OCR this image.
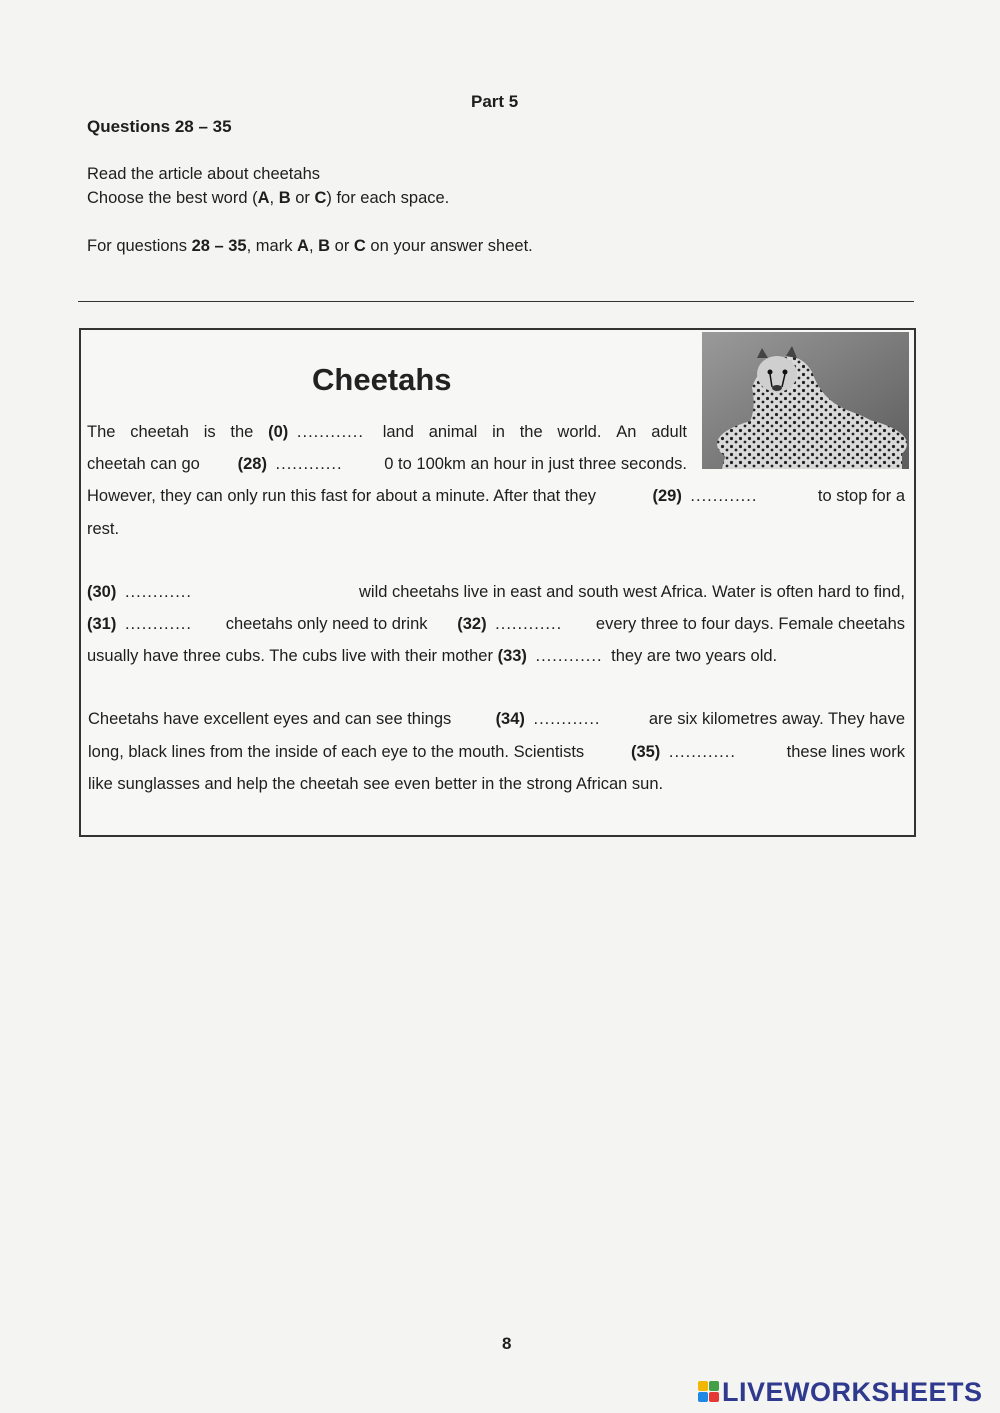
Part 5
Questions 28 – 35
Read the article about cheetahs
Choose the best word (A, B or C) for each space.
For questions 28 – 35, mark A, B or C on your answer sheet.
Cheetahs
The cheetah is the (0) ............ land animal in the world. An adult
cheetah can go (28) ............	0 to 100km an hour in just three seconds.
However, they can only run this fast for about a minute. After that they	(29) ............	to stop for a
rest.
(30) ............	wild cheetahs live in east and south west Africa. Water is often hard to find,
(31) ............ cheetahs only need to drink (32) ............ every three to four days. Female cheetahs
usually have three cubs. The cubs live with their mother
(33)
............
they are two years old.
Cheetahs have excellent eyes and can see things	(34) ............	are six kilometres away. They have
long, black lines from the inside of each eye to the mouth. Scientists	(35) ............	these lines work
like sunglasses and help the cheetah see even better in the strong African sun.
8
LIVEWORKSHEETS
